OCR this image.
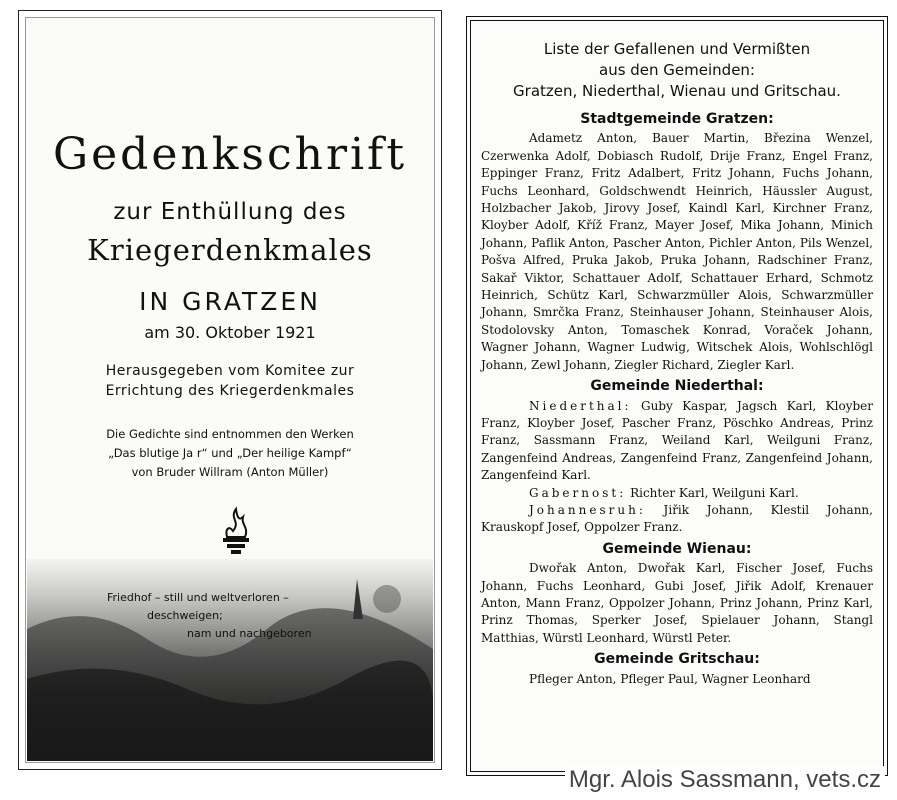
Gedenkschrift
zur Enthüllung des
Kriegerdenkmales
IN GRATZEN
am 30. Oktober 1921
Herausgegeben vom Komitee zur
Errichtung des Kriegerdenkmales
Die Gedichte sind entnommen den Werken
„Das blutige Ja r“ und „Der heilige Kampf“
von Bruder Willram (Anton Müller)
Friedhof – still und weltverloren –
deschweigen;
nam und nachgeboren
Liste der Gefallenen und Vermißten
aus den Gemeinden:
Gratzen, Niederthal, Wienau und Gritschau.
Stadtgemeinde Gratzen:

Adametz Anton, Bauer Martin, Březina Wenzel, Czerwenka Adolf, Dobiasch Rudolf, Drije Franz, Engel Franz, Eppinger Franz, Fritz Adalbert, Fritz Johann, Fuchs Johann, Fuchs Leonhard, Goldschwendt Heinrich, Häussler August, Holzbacher Jakob, Jirovy Josef, Kaindl Karl, Kirchner Franz, Kloyber Adolf, Kříž Franz, Mayer Josef, Mika Johann, Minich Johann, Paflik Anton, Pascher Anton, Pichler Anton, Pils Wenzel, Pošva Alfred, Pruka Jakob, Pruka Johann, Radschiner Franz, Sakař Viktor, Schattauer Adolf, Schattauer Erhard, Schmotz Heinrich, Schütz Karl, Schwarzmüller Alois, Schwarzmüller Johann, Smrčka Franz, Steinhauser Johann, Steinhauser Alois, Stodolovsky Anton, Tomaschek Konrad, Voraček Johann, Wagner Johann, Wagner Ludwig, Witschek Alois, Wohlschlögl Johann, Zewl Johann, Ziegler Richard, Ziegler Karl.

Gemeinde Niederthal:

Niederthal: Guby Kaspar, Jagsch Karl, Kloyber Franz, Kloyber Josef, Pascher Franz, Pöschko Andreas, Prinz Franz, Sassmann Franz, Weiland Karl, Weilguni Franz, Zangenfeind Andreas, Zangenfeind Franz, Zangenfeind Johann, Zangenfeind Karl.

Gabernost: Richter Karl, Weilguni Karl.

Johannesruh: Jiřik Johann, Klestil Johann, Krauskopf Josef, Oppolzer Franz.

Gemeinde Wienau:

Dwořak Anton, Dwořak Karl, Fischer Josef, Fuchs Johann, Fuchs Leonhard, Gubi Josef, Jiřik Adolf, Krenauer Anton, Mann Franz, Oppolzer Johann, Prinz Johann, Prinz Karl, Prinz Thomas, Sperker Josef, Spielauer Johann, Stangl Matthias, Würstl Leonhard, Würstl Peter.

Gemeinde Gritschau:

Pfleger Anton, Pfleger Paul, Wagner Leonhard

Mgr. Alois Sassmann, vets.cz
